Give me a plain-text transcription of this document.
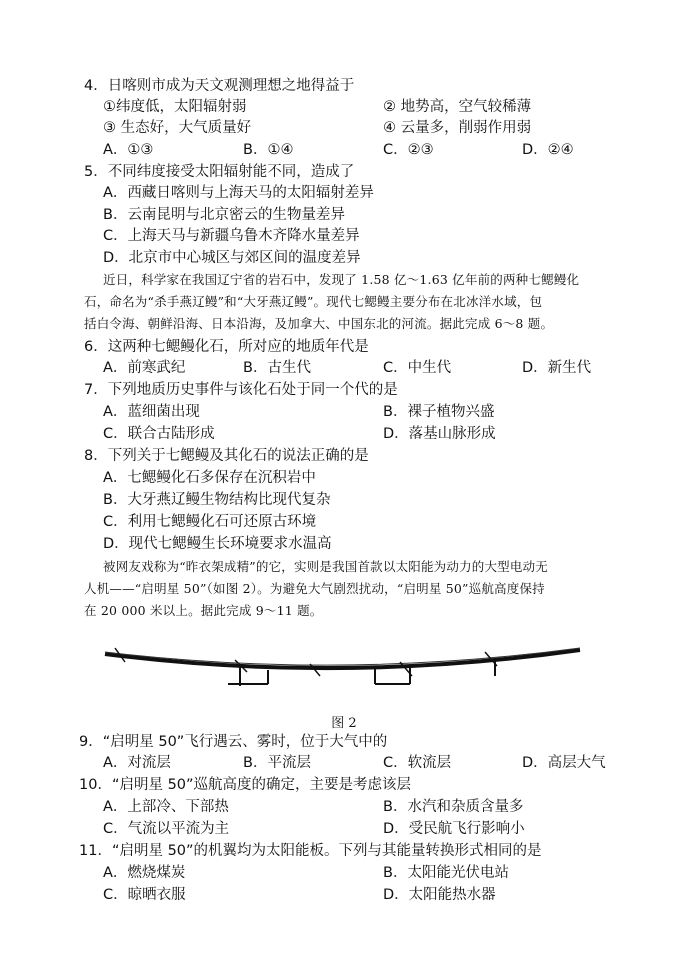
4．日喀则市成为天文观测理想之地得益于
①纬度低，太阳辐射弱	② 地势高，空气较稀薄
③ 生态好，大气质量好	④ 云量多，削弱作用弱
A．①③	B．①④	C．②③	D．②④
5．不同纬度接受太阳辐射能不同，造成了
A．西藏日喀则与上海天马的太阳辐射差异
B．云南昆明与北京密云的生物量差异
C．上海天马与新疆乌鲁木齐降水量差异
D．北京市中心城区与郊区间的温度差异
近日，科学家在我国辽宁省的岩石中，发现了 1.58 亿～1.63 亿年前的两种七鳃鳗化
石，命名为“杀手燕辽鳗”和“大牙燕辽鳗”。现代七鳃鳗主要分布在北冰洋水域，包
括白令海、朝鲜沿海、日本沿海，及加拿大、中国东北的河流。据此完成 6～8 题。
6．这两种七鳃鳗化石，所对应的地质年代是
A．前寒武纪	B．古生代	C．中生代	D．新生代
7．下列地质历史事件与该化石处于同一个代的是
A．蓝细菌出现	B．裸子植物兴盛
C．联合古陆形成	D．落基山脉形成
8．下列关于七鳃鳗及其化石的说法正确的是
A．七鳃鳗化石多保存在沉积岩中
B．大牙燕辽鳗生物结构比现代复杂
C．利用七鳃鳗化石可还原古环境
D．现代七鳃鳗生长环境要求水温高
被网友戏称为“昨衣架成精”的它，实则是我国首款以太阳能为动力的大型电动无
人机——“启明星 50”（如图 2）。为避免大气剧烈扰动，“启明星 50”巡航高度保持
在 20 000 米以上。据此完成 9～11 题。
图 2
9．“启明星 50”飞行遇云、雾时，位于大气中的
A．对流层	B．平流层	C．软流层	D．高层大气
10．“启明星 50”巡航高度的确定，主要是考虑该层
A．上部冷、下部热	B．水汽和杂质含量多
C．气流以平流为主	D．受民航飞行影响小
11．“启明星 50”的机翼均为太阳能板。下列与其能量转换形式相同的是
A．燃烧煤炭	B．太阳能光伏电站
C．晾晒衣服	D．太阳能热水器
